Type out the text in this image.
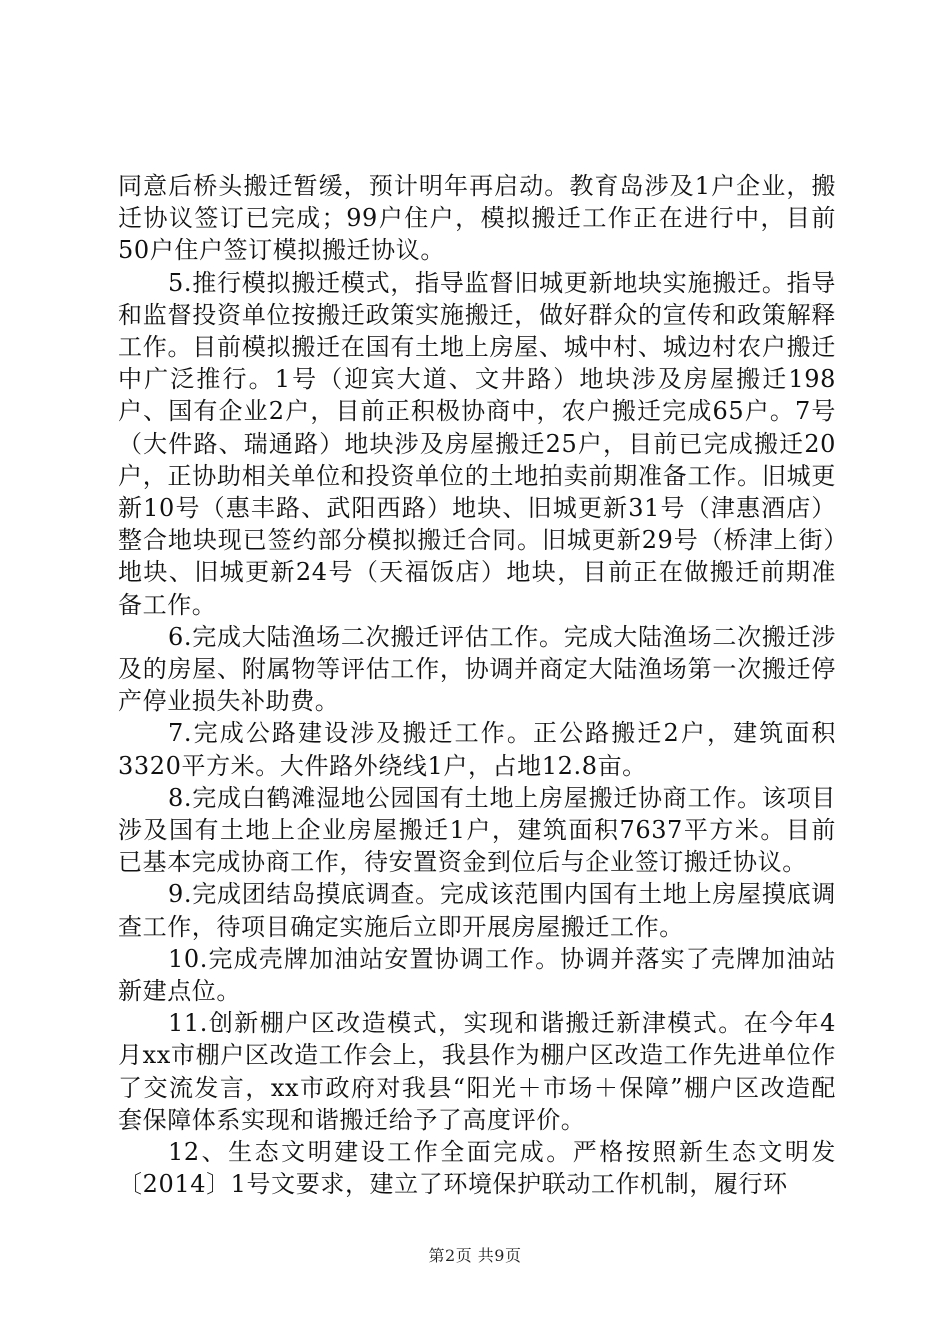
同意后桥头搬迁暂缓，预计明年再启动。教育岛涉及1户企业，搬迁协议签订已完成；99户住户，模拟搬迁工作正在进行中，目前50户住户签订模拟搬迁协议。

5.推行模拟搬迁模式，指导监督旧城更新地块实施搬迁。指导和监督投资单位按搬迁政策实施搬迁，做好群众的宣传和政策解释工作。目前模拟搬迁在国有土地上房屋、城中村、城边村农户搬迁中广泛推行。1号（迎宾大道、文井路）地块涉及房屋搬迁198户、国有企业2户，目前正积极协商中，农户搬迁完成65户。7号（大件路、瑞通路）地块涉及房屋搬迁25户，目前已完成搬迁20户，正协助相关单位和投资单位的土地拍卖前期准备工作。旧城更新10号（惠丰路、武阳西路）地块、旧城更新31号（津惠酒店）整合地块现已签约部分模拟搬迁合同。旧城更新29号（桥津上街）地块、旧城更新24号（天福饭店）地块，目前正在做搬迁前期准备工作。

6.完成大陆渔场二次搬迁评估工作。完成大陆渔场二次搬迁涉及的房屋、附属物等评估工作，协调并商定大陆渔场第一次搬迁停产停业损失补助费。

7.完成公路建设涉及搬迁工作。正公路搬迁2户，建筑面积3320平方米。大件路外绕线1户，占地12.8亩。

8.完成白鹤滩湿地公园国有土地上房屋搬迁协商工作。该项目涉及国有土地上企业房屋搬迁1户，建筑面积7637平方米。目前已基本完成协商工作，待安置资金到位后与企业签订搬迁协议。

9.完成团结岛摸底调查。完成该范围内国有土地上房屋摸底调查工作，待项目确定实施后立即开展房屋搬迁工作。

10.完成壳牌加油站安置协调工作。协调并落实了壳牌加油站新建点位。

11.创新棚户区改造模式，实现和谐搬迁新津模式。在今年4月xx市棚户区改造工作会上，我县作为棚户区改造工作先进单位作了交流发言，xx市政府对我县“阳光＋市场＋保障”棚户区改造配套保障体系实现和谐搬迁给予了高度评价。

12、生态文明建设工作全面完成。严格按照新生态文明发〔2014〕1号文要求，建立了环境保护联动工作机制，履行环

第2页 共9页
